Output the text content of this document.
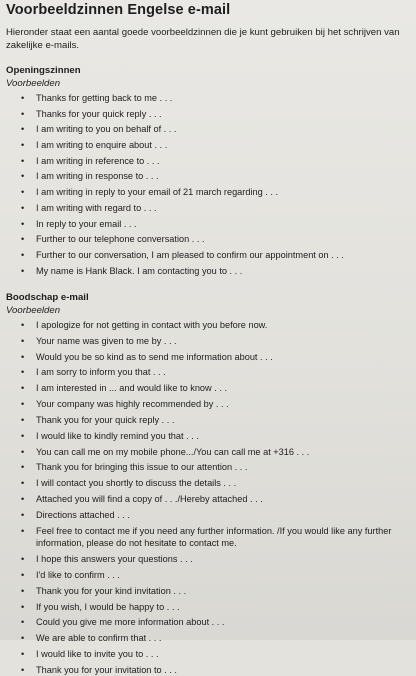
Voorbeeldzinnen Engelse e-mail

Hieronder staat een aantal goede voorbeeldzinnen die je kunt gebruiken bij het schrijven van zakelijke e-mails.

Openingszinnen

Voorbeelden

• Thanks for getting back to me . . .
• Thanks for your quick reply . . .
• I am writing to you on behalf of . . .
• I am writing to enquire about . . .
• I am writing in reference to . . .
• I am writing in response to . . .
• I am writing in reply to your email of 21 march regarding . . .
• I am writing with regard to . . .
• In reply to your email . . .
• Further to our telephone conversation . . .
• Further to our conversation, I am pleased to confirm our appointment on . . .
• My name is Hank Black. I am contacting you to . . .

Boodschap e-mail

Voorbeelden

• I apologize for not getting in contact with you before now.
• Your name was given to me by . . .
• Would you be so kind as to send me information about . . .
• I am sorry to inform you that . . .
• I am interested in ... and would like to know . . .
• Your company was highly recommended by . . .
• Thank you for your quick reply . . .
• I would like to kindly remind you that . . .
• You can call me on my mobile phone.../You can call me at +316 . . .
• Thank you for bringing this issue to our attention . . .
• I will contact you shortly to discuss the details . . .
• Attached you will find a copy of . . ./Hereby attached . . .
• Directions attached . . .
• Feel free to contact me if you need any further information. /If you would like any further information, please do not hesitate to contact me.
• I hope this answers your questions . . .
• I'd like to confirm . . .
• Thank you for your kind invitation . . .
• If you wish, I would be happy to . . .
• Could you give me more information about . . .
• We are able to confirm that . . .
• I would like to invite you to . . .
• Thank you for your invitation to . . .
